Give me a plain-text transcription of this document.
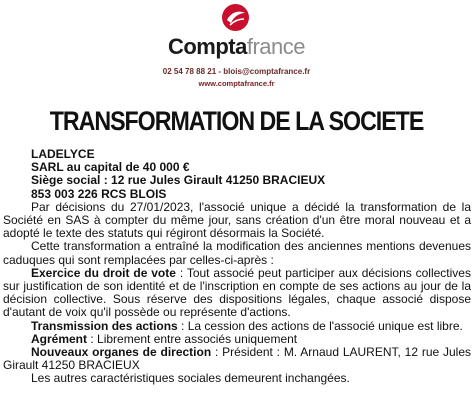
Comptafrance
02 54 78 88 21 - blois@comptafrance.fr
www.comptafrance.fr
TRANSFORMATION DE LA SOCIETE

LADELYCE

SARL au capital de 40 000 €

Siège social : 12 rue Jules Girault 41250 BRACIEUX

853 003 226 RCS BLOIS

Par décisions du 27/01/2023, l'associé unique a décidé la transformation de la Société en SAS à compter du même jour, sans création d'un être moral nouveau et a adopté le texte des statuts qui régiront désormais la Société.

Cette transformation a entraîné la modification des anciennes mentions devenues caduques qui sont remplacées par celles-ci-après :

Exercice du droit de vote : Tout associé peut participer aux décisions collectives sur justification de son identité et de l'inscription en compte de ses actions au jour de la décision collective. Sous réserve des dispositions légales, chaque associé dispose d'autant de voix qu'il possède ou représente d'actions.

Transmission des actions : La cession des actions de l'associé unique est libre.

Agrément : Librement entre associés uniquement

Nouveaux organes de direction : Président : M. Arnaud LAURENT, 12 rue Jules Girault 41250 BRACIEUX

Les autres caractéristiques sociales demeurent inchangées.
